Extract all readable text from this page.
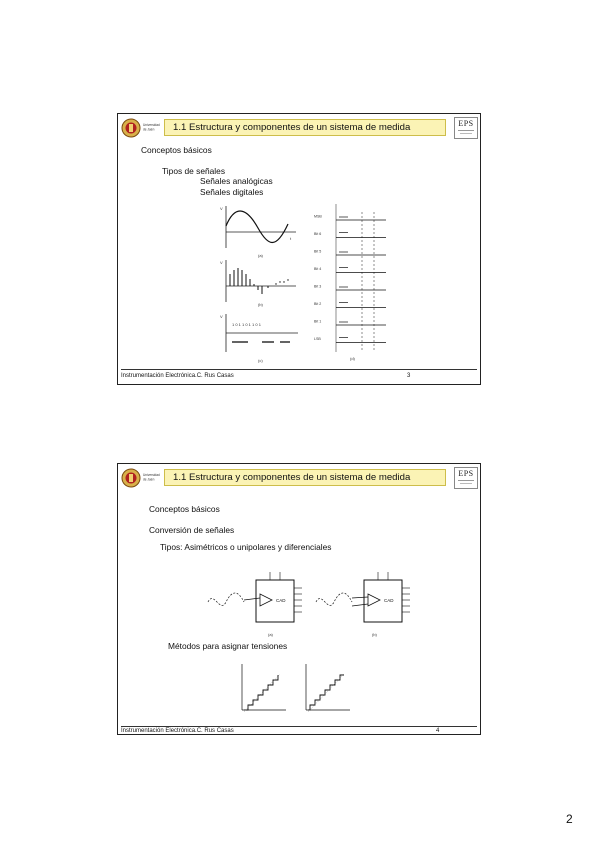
Universidad
de Jaén	1.1 Estructura y componentes de un sistema de medida	EPS
Conceptos básicos
Tipos de señales
Señales analógicas
Señales digitales
V
(a)
t
V
(b)
1 0 1 1 0 1 1 0 1
V
(c)
MSB
Bit 6
Bit 5
Bit 4
Bit 3
Bit 2
Bit 1
LSB
(d)
Instrumentación Electrónica.C. Rus Casas	3
Universidad
de Jaén	1.1 Estructura y componentes de un sistema de medida	EPS
Conceptos básicos
Conversión de señales
Tipos: Asimétricos o unipolares y diferenciales
CAD
(a)
CAD
(b)
Métodos para asignar tensiones
Instrumentación Electrónica.C. Rus Casas	4
2
